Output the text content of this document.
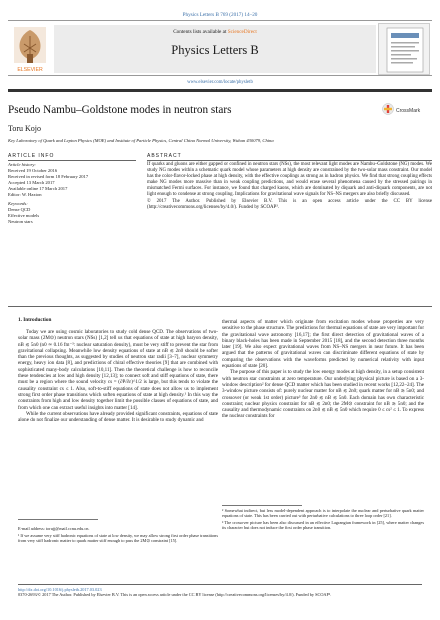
Physics Letters B 769 (2017) 14–20
ELSEVIER
Contents lists available at ScienceDirect
Physics Letters B
www.elsevier.com/locate/physletb
Pseudo Nambu–Goldstone modes in neutron stars	CrossMark
Toru Kojo
Key Laboratory of Quark and Lepton Physics (MOE) and Institute of Particle Physics, Central China Normal University, Wuhan 430079, China
ARTICLE INFO	ABSTRACT
Article history:
Received 19 October 2016
Received in revised form 18 February 2017
Accepted 13 March 2017
Available online 17 March 2017
Editor: W. Haxton
Keywords:
Dense QCD
Effective models
Neutron stars
If quarks and gluons are either gapped or confined in neutron stars (NSs), the most relevant light modes are Nambu–Goldstone (NG) modes. We study NG modes within a schematic quark model whose parameters at high density are constrained by the two-solar mass constraint. Our model has the color-flavor-locked phase at high density, with the effective couplings as strong as in hadron physics. We find that strong coupling effects make NG modes more massive than in weak coupling predictions, and would erase several phenomena caused by the stressed pairings in mismatched Fermi surfaces. For instance, we found that charged kaons, which are dominated by diquark and anti-diquark components, are not light enough to condense at strong coupling. Implications for gravitational wave signals for NS–NS mergers are also briefly discussed.
© 2017 The Author. Published by Elsevier B.V. This is an open access article under the CC BY license (http://creativecommons.org/licenses/by/4.0/). Funded by SCOAP³.
1. Introduction

Today we are using cosmic laboratories to study cold dense QCD. The observations of two-solar mass (2M⊙) neutron stars (NSs) [1,2] tell us that equations of state at high baryon density, nB ≲ 5n0 (n0 ≃ 0.16 fm⁻³: nuclear saturation density), must be very stiff to prevent the star from gravitational collapsing. Meanwhile low density equations of state at nB ≲ 2n0 should be softer than the previous thoughts, as suggested by studies of neutron star radii [3–7], nuclear symmetry energy, heavy ion data [8], and predictions of chiral effective theories [9] that are combined with sophisticated many-body calculations [10,11]. Then the theoretical challenge is how to reconcile these tendencies at low and high density [12,13]; to connect soft and stiff equations of state, there must be a region where the sound velocity cs = (∂P/∂ε)^1/2 is large, but this tends to violate the causality constraint cs ≤ 1. Also, soft-to-stiff equations of state does not allow us to implement strong first order phase transitions which soften equations of state at high density.¹ In this way the constraints from high and low density together limit the possible classes of equations of state, and from which one can extract useful insights into matter [14].

While the current observations have already provided significant constraints, equations of state alone do not finalize our understanding of dense matter. It is desirable to study dynamic and

thermal aspects of matter which originate from excitation modes whose properties are very sensitive to the phase structure. The predictions for thermal equations of state are very important for the gravitational wave astronomy [16,17]; the first direct detection of gravitational waves of a binary black-holes has been made in September 2015 [18], and the second detection three months later [19]. We also expect gravitational waves from NS–NS mergers in near future. It has been argued that the patterns of gravitational waves can discriminate different equations of state by comparing the observations with the waveforms predicted by numerical relativity with input equations of state [20].

The purpose of this paper is to study the low energy modes at high density, in a setup consistent with neutron star constraints at zero temperature. Our underlying physical picture is based on a 3-window description² for dense QCD matter which has been studied in recent works [12,22–24]. The 3-window picture consists of: purely nuclear matter for nB ≲ 2n0; quark matter for nB ≳ 5n0; and crossover (or weak 1st order) picture³ for 2n0 ≲ nB ≲ 5n0. Each domain has own characteristic constraint; nuclear physics constraint for nB ≲ 2n0; the 2M⊙ constraint for nB ≳ 5n0; and the causality and thermodynamic constraints on 2n0 ≲ nB ≲ 5n0 which require 0 ≤ cs² ≤ 1. To express the nuclear constraints for

E-mail address: torujj@mail.ccnu.edu.cn.

¹ If we assume very stiff hadronic equations of state at low density, we may allow strong first order phase transitions from very stiff hadronic matter to quark matter stiff enough to pass the 2M⊙ constraint [15].

² Somewhat indirect, but less model-dependent approach is to interpolate the nuclear and perturbative quark matter equations of state. This has been carried out with perturbative calculations to three loop order [21].

³ The crossover picture has been also discussed in an effective Lagrangian framework in [25], where matter changes its character but does not induce the first order phase transition.

http://dx.doi.org/10.1016/j.physletb.2017.03.023
0370-2693/© 2017 The Author. Published by Elsevier B.V. This is an open access article under the CC BY license (http://creativecommons.org/licenses/by/4.0/). Funded by SCOAP³.
